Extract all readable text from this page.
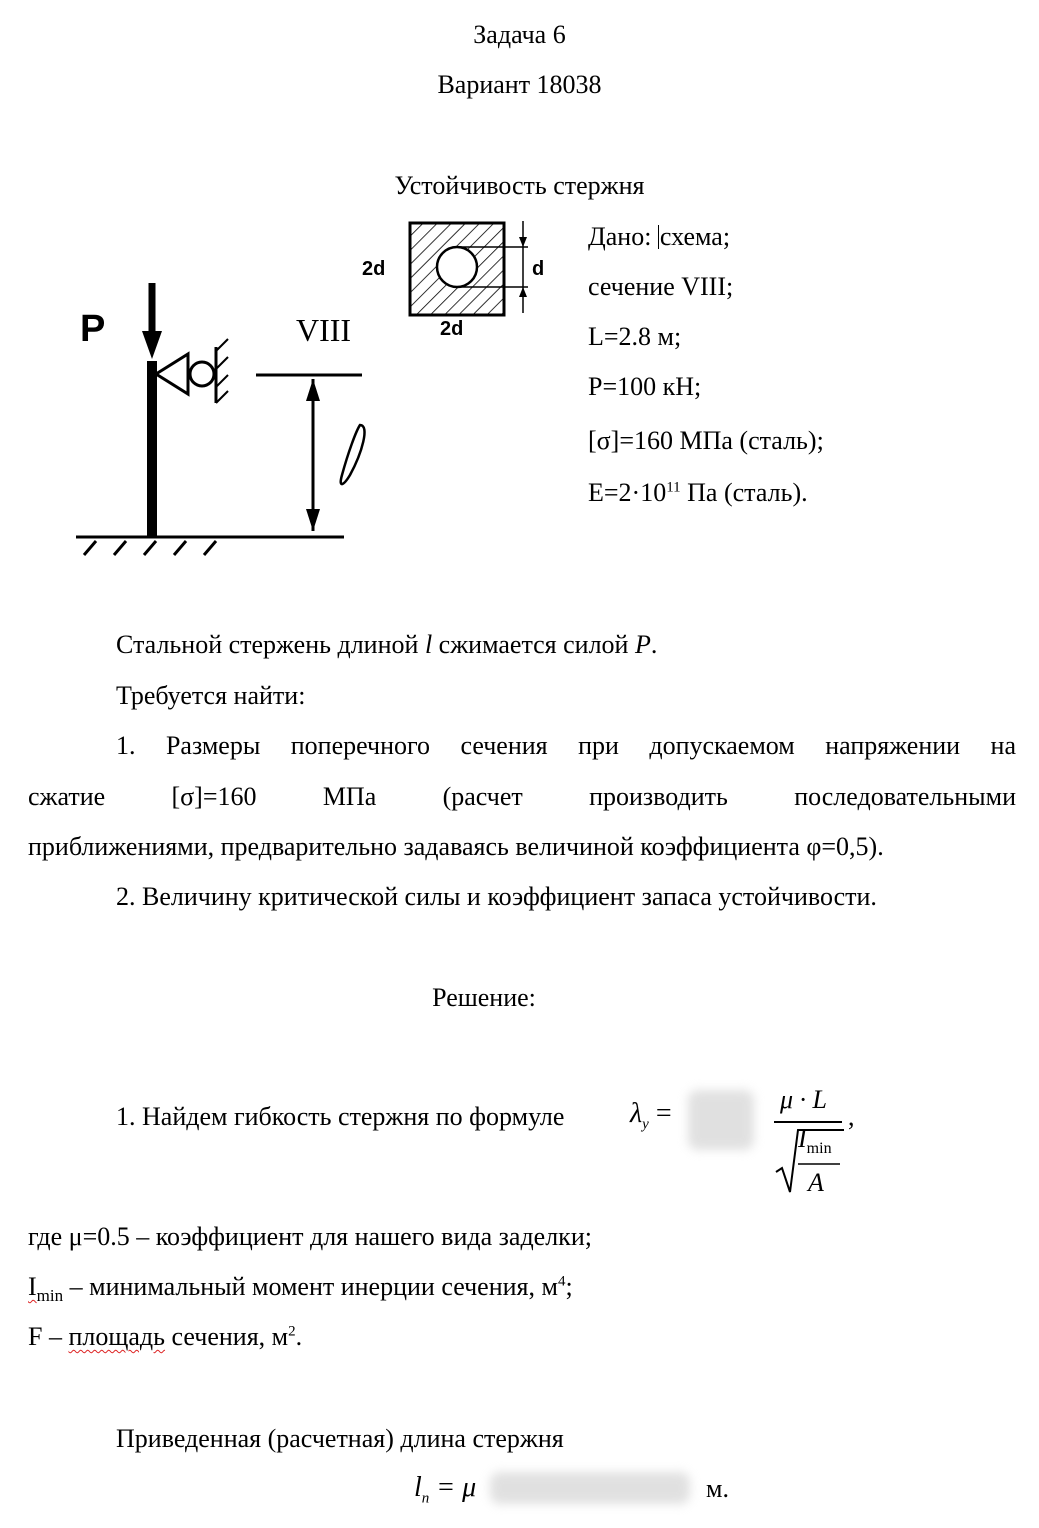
Задача 6
Вариант 18038
Устойчивость стержня
P	VIII
d
2d
2d
Дано: схема;
сечение VIII;
L=2.8 м;
P=100 кН;
[σ]=160 МПа (сталь);
$E=2\cdot 10^{11}$ Па (сталь).
Стальной стержень длиной l сжимается силой P.
Требуется найти:
1. Размеры поперечного сечения при допускаемом напряжении на
сжатие [σ]=160 МПа (расчет производить последовательными
приближениями, предварительно задаваясь величиной коэффициента φ=0,5).
2. Величину критической силы и коэффициент запаса устойчивости.
Решение:
1. Найдем гибкость стержня по формуле $\lambda_y$ =	μ · L
$I_{min}$
A
,
где μ=0.5 – коэффициент для нашего вида заделки;
$I_{min}$ – минимальный момент инерции сечения, $м^4$;
F – площадь сечения, $м^2$.
Приведенная (расчетная) длина стержня
$l_n = \mu$	м.
